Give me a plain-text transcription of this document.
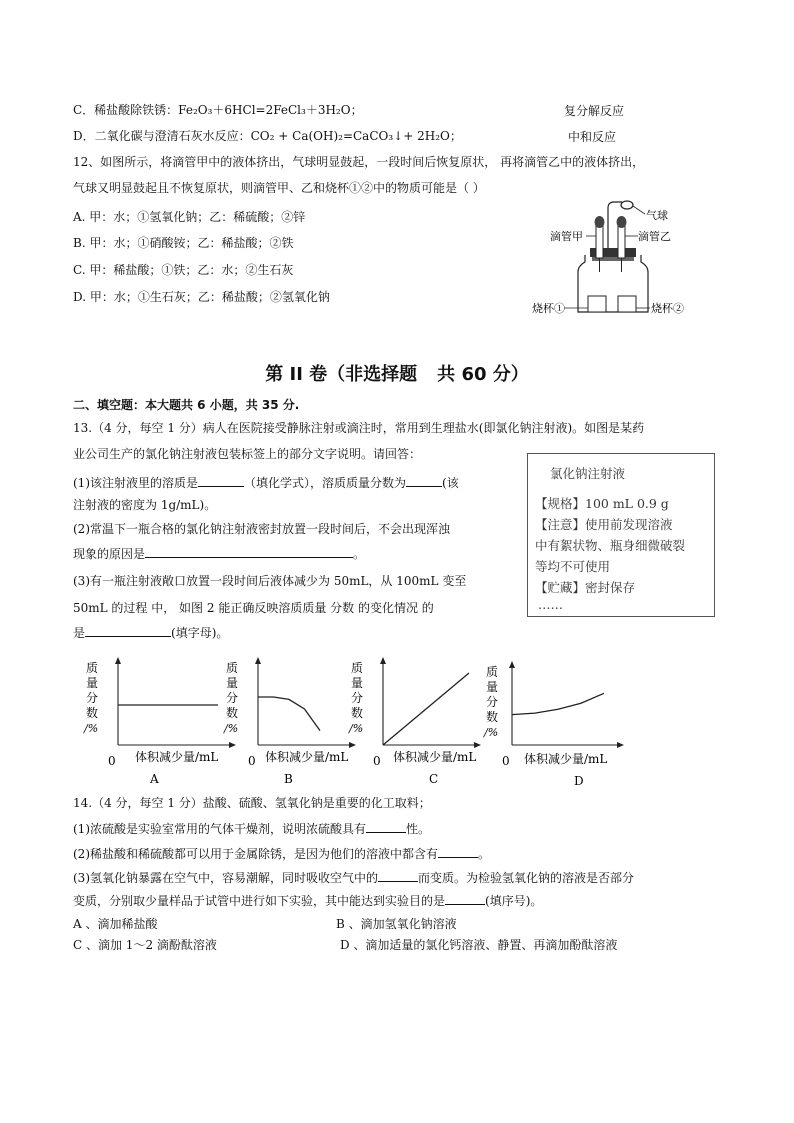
C．稀盐酸除铁锈：Fe₂O₃＋6HCl=2FeCl₃＋3H₂O；	复分解反应
D．二氧化碳与澄清石灰水反应：CO₂ + Ca(OH)₂=CaCO₃↓+ 2H₂O；	中和反应
12、如图所示，将滴管甲中的液体挤出，气球明显鼓起，一段时间后恢复原状， 再将滴管乙中的液体挤出，
气球又明显鼓起且不恢复原状，则滴管甲、乙和烧杯①②中的物质可能是（ ）
A. 甲：水；①氢氧化钠；乙：稀硫酸；②锌
B. 甲：水；①硝酸铵；乙：稀盐酸；②铁
C. 甲：稀盐酸；①铁；乙：水；②生石灰
D. 甲：水；①生石灰；乙：稀盐酸；②氢氧化钠
气球
滴管甲	滴管乙
烧杯①	烧杯②
第 II 卷（非选择题 共 60 分）
二、填空题：本大题共 6 小题，共 35 分.
13.（4 分，每空 1 分）病人在医院接受静脉注射或滴注时，常用到生理盐水(即氯化钠注射液)。如图是某药
业公司生产的氯化钠注射液包装标签上的部分文字说明。请回答：
(1)该注射液里的溶质是	（填化学式），溶质质量分数为	(该
注射液的密度为 1g/mL)。
(2)常温下一瓶合格的氯化钠注射液密封放置一段时间后，不会出现浑浊
现象的原因是	。
(3)有一瓶注射液敞口放置一段时间后液体减少为 50mL，从 100mL 变至
50mL 的过程 中， 如图 2 能正确反映溶质质量 分数 的变化情况 的
是	(填字母)。
氯化钠注射液
【规格】100 mL 0.9 g
【注意】使用前发现溶液
中有絮状物、瓶身细微破裂
等均不可使用
【贮藏】密封保存
……
质
量
分
数
/%
0 体积减少量/mL
A
质
量
分
数
/%
0 体积减少量/mL
B
质
量
分
数
/%
0 体积减少量/mL
C
质
量
分
数
/%
0 体积减少量/mL
D
14.（4 分，每空 1 分）盐酸、硫酸、氢氧化钠是重要的化工取料；
(1)浓硫酸是实验室常用的气体干燥剂，说明浓硫酸具有	性。
(2)稀盐酸和稀硫酸都可以用于金属除锈，是因为他们的溶液中都含有	。
(3)氢氧化钠暴露在空气中，容易潮解，同时吸收空气中的	而变质。为检验氢氧化钠的溶液是否部分
变质，分别取少量样品于试管中进行如下实验，其中能达到实验目的是	(填序号)。
A 、滴加稀盐酸	B 、滴加氢氧化钠溶液
C 、滴加 1～2 滴酚酞溶液	D 、滴加适量的氯化钙溶液、静置、再滴加酚酞溶液
